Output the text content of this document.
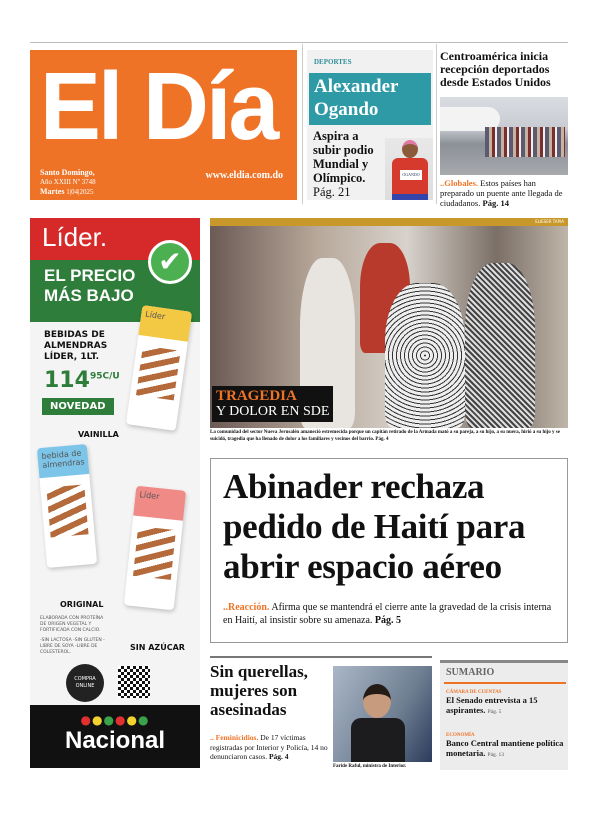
El Día
Santo Domingo,
Año XXIII Nº 3748
Martes 1|04|2025
www.eldia.com.do
DEPORTES
Alexander Ogando
OGANDO
Aspira a subir podio Mundial y Olímpico.
Pág. 21
Centroamérica inicia recepción deportados desde Estados Unidos
..Globales. Estos países han preparado un puente ante llegada de ciudadanos. Pág. 14
Líder.
EL PRECIO
MÁS BAJO
✔
BEBIDAS DE ALMENDRAS LÍDER, 1LT.
$114^{95C/U}$
NOVEDAD
Líder
VAINILLA
bebida de almendras
Líder
ORIGINAL
ELABORADA CON PROTEÍNA DE ORIGEN VEGETAL Y FORTIFICADA CON CALCIO.
-SIN LACTOSA -SIN GLUTEN -LIBRE DE SOYA -LIBRE DE COLESTEROL.
SIN AZÚCAR
COMPRA ONLINE
●●●●●●
Nacional
ELIESER TAPIA
TRAGEDIA
Y DOLOR EN SDE
La comunidad del sector Nueva Jerusalén amaneció estremecida porque un capitán retirado de la Armada mató a su pareja, a su hijo, a su nuera, hirió a su hijo y se suicidó, tragedia que ha llenado de dolor a los familiares y vecinos del barrio. Pág. 4
Abinader rechaza pedido de Haití para abrir espacio aéreo

..Reacción. Afirma que se mantendrá el cierre ante la gravedad de la crisis interna en Haití, al insistir sobre su amenaza. Pág. 5

Sin querellas, mujeres son asesinadas

.. Feminicidios. De 17 víctimas registradas por Interior y Policía, 14 no denunciaron casos. Pág. 4

Faride Raful, ministra de Interior.
SUMARIO
CÁMARA DE CUENTAS
El Senado entrevista a 15 aspirantes. Pág. 5
ECONOMÍA
Banco Central mantiene política monetaria. Pág. 13
